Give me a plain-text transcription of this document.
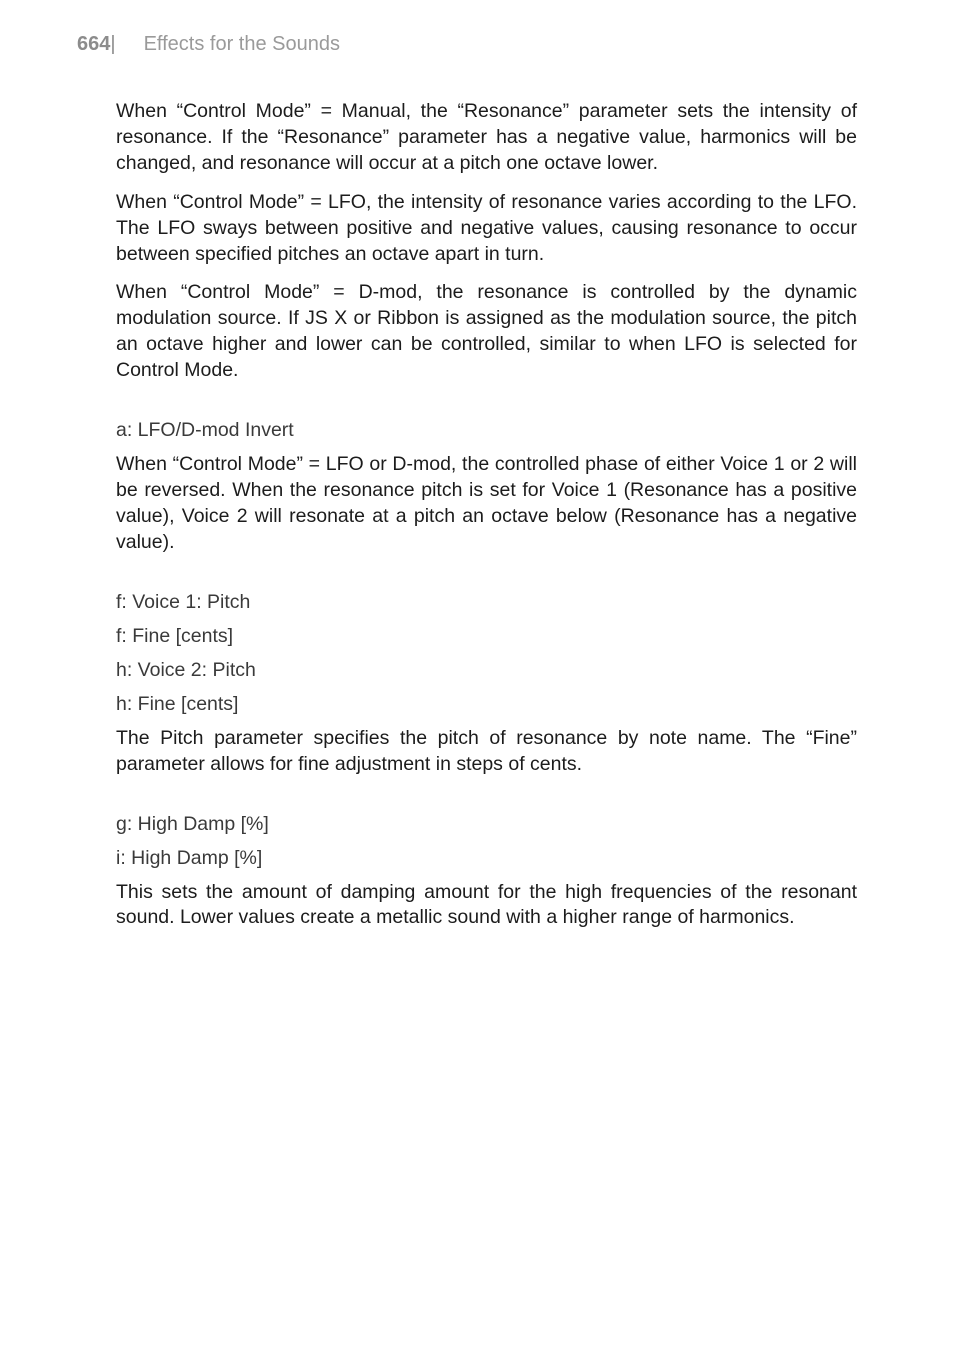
664| Effects for the Sounds

When “Control Mode” = Manual, the “Resonance” parameter sets the intensity of resonance. If the “Resonance” parameter has a negative value, harmonics will be changed, and resonance will occur at a pitch one octave lower.

When “Control Mode” = LFO, the intensity of resonance varies according to the LFO. The LFO sways between positive and negative values, causing resonance to occur between specified pitches an octave apart in turn.

When “Control Mode” = D-mod, the resonance is controlled by the dynamic modulation source. If JS X or Ribbon is assigned as the modulation source, the pitch an octave higher and lower can be controlled, similar to when LFO is selected for Control Mode.

a: LFO/D-mod Invert

When “Control Mode” = LFO or D-mod, the controlled phase of either Voice 1 or 2 will be reversed. When the resonance pitch is set for Voice 1 (Resonance has a positive value), Voice 2 will resonate at a pitch an octave below (Resonance has a negative value).

f: Voice 1: Pitch
f: Fine [cents]
h: Voice 2: Pitch
h: Fine [cents]

The Pitch parameter specifies the pitch of resonance by note name. The “Fine” parameter allows for fine adjustment in steps of cents.

g: High Damp [%]
i: High Damp [%]

This sets the amount of damping amount for the high frequencies of the resonant sound. Lower values create a metallic sound with a higher range of harmonics.
